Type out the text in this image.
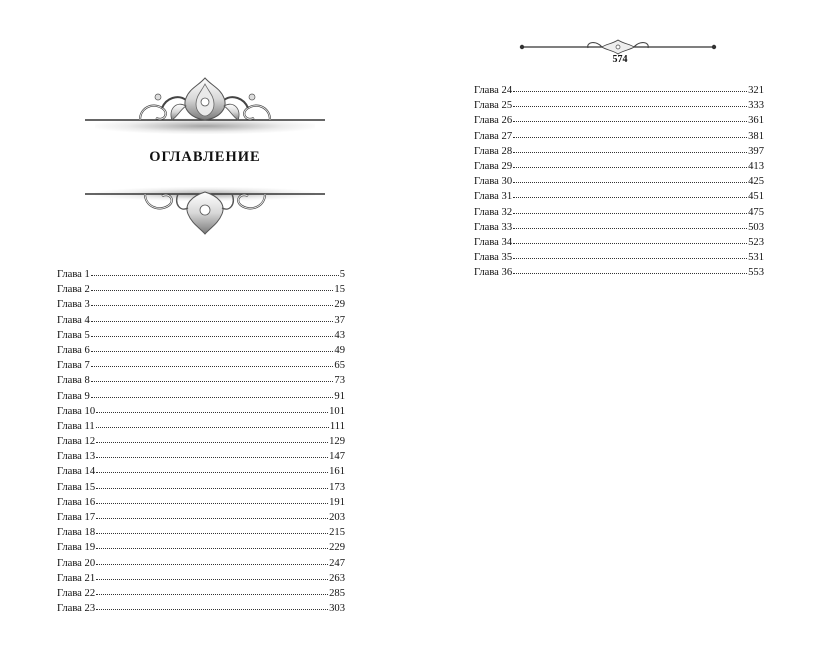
ОГЛАВЛЕНИЕ
Глава 1	5
Глава 2	15
Глава 3	29
Глава 4	37
Глава 5	43
Глава 6	49
Глава 7	65
Глава 8	73
Глава 9	91
Глава 10	101
Глава 11	111
Глава 12	129
Глава 13	147
Глава 14	161
Глава 15	173
Глава 16	191
Глава 17	203
Глава 18	215
Глава 19	229
Глава 20	247
Глава 21	263
Глава 22	285
Глава 23	303
574
Глава 24	321
Глава 25	333
Глава 26	361
Глава 27	381
Глава 28	397
Глава 29	413
Глава 30	425
Глава 31	451
Глава 32	475
Глава 33	503
Глава 34	523
Глава 35	531
Глава 36	553
